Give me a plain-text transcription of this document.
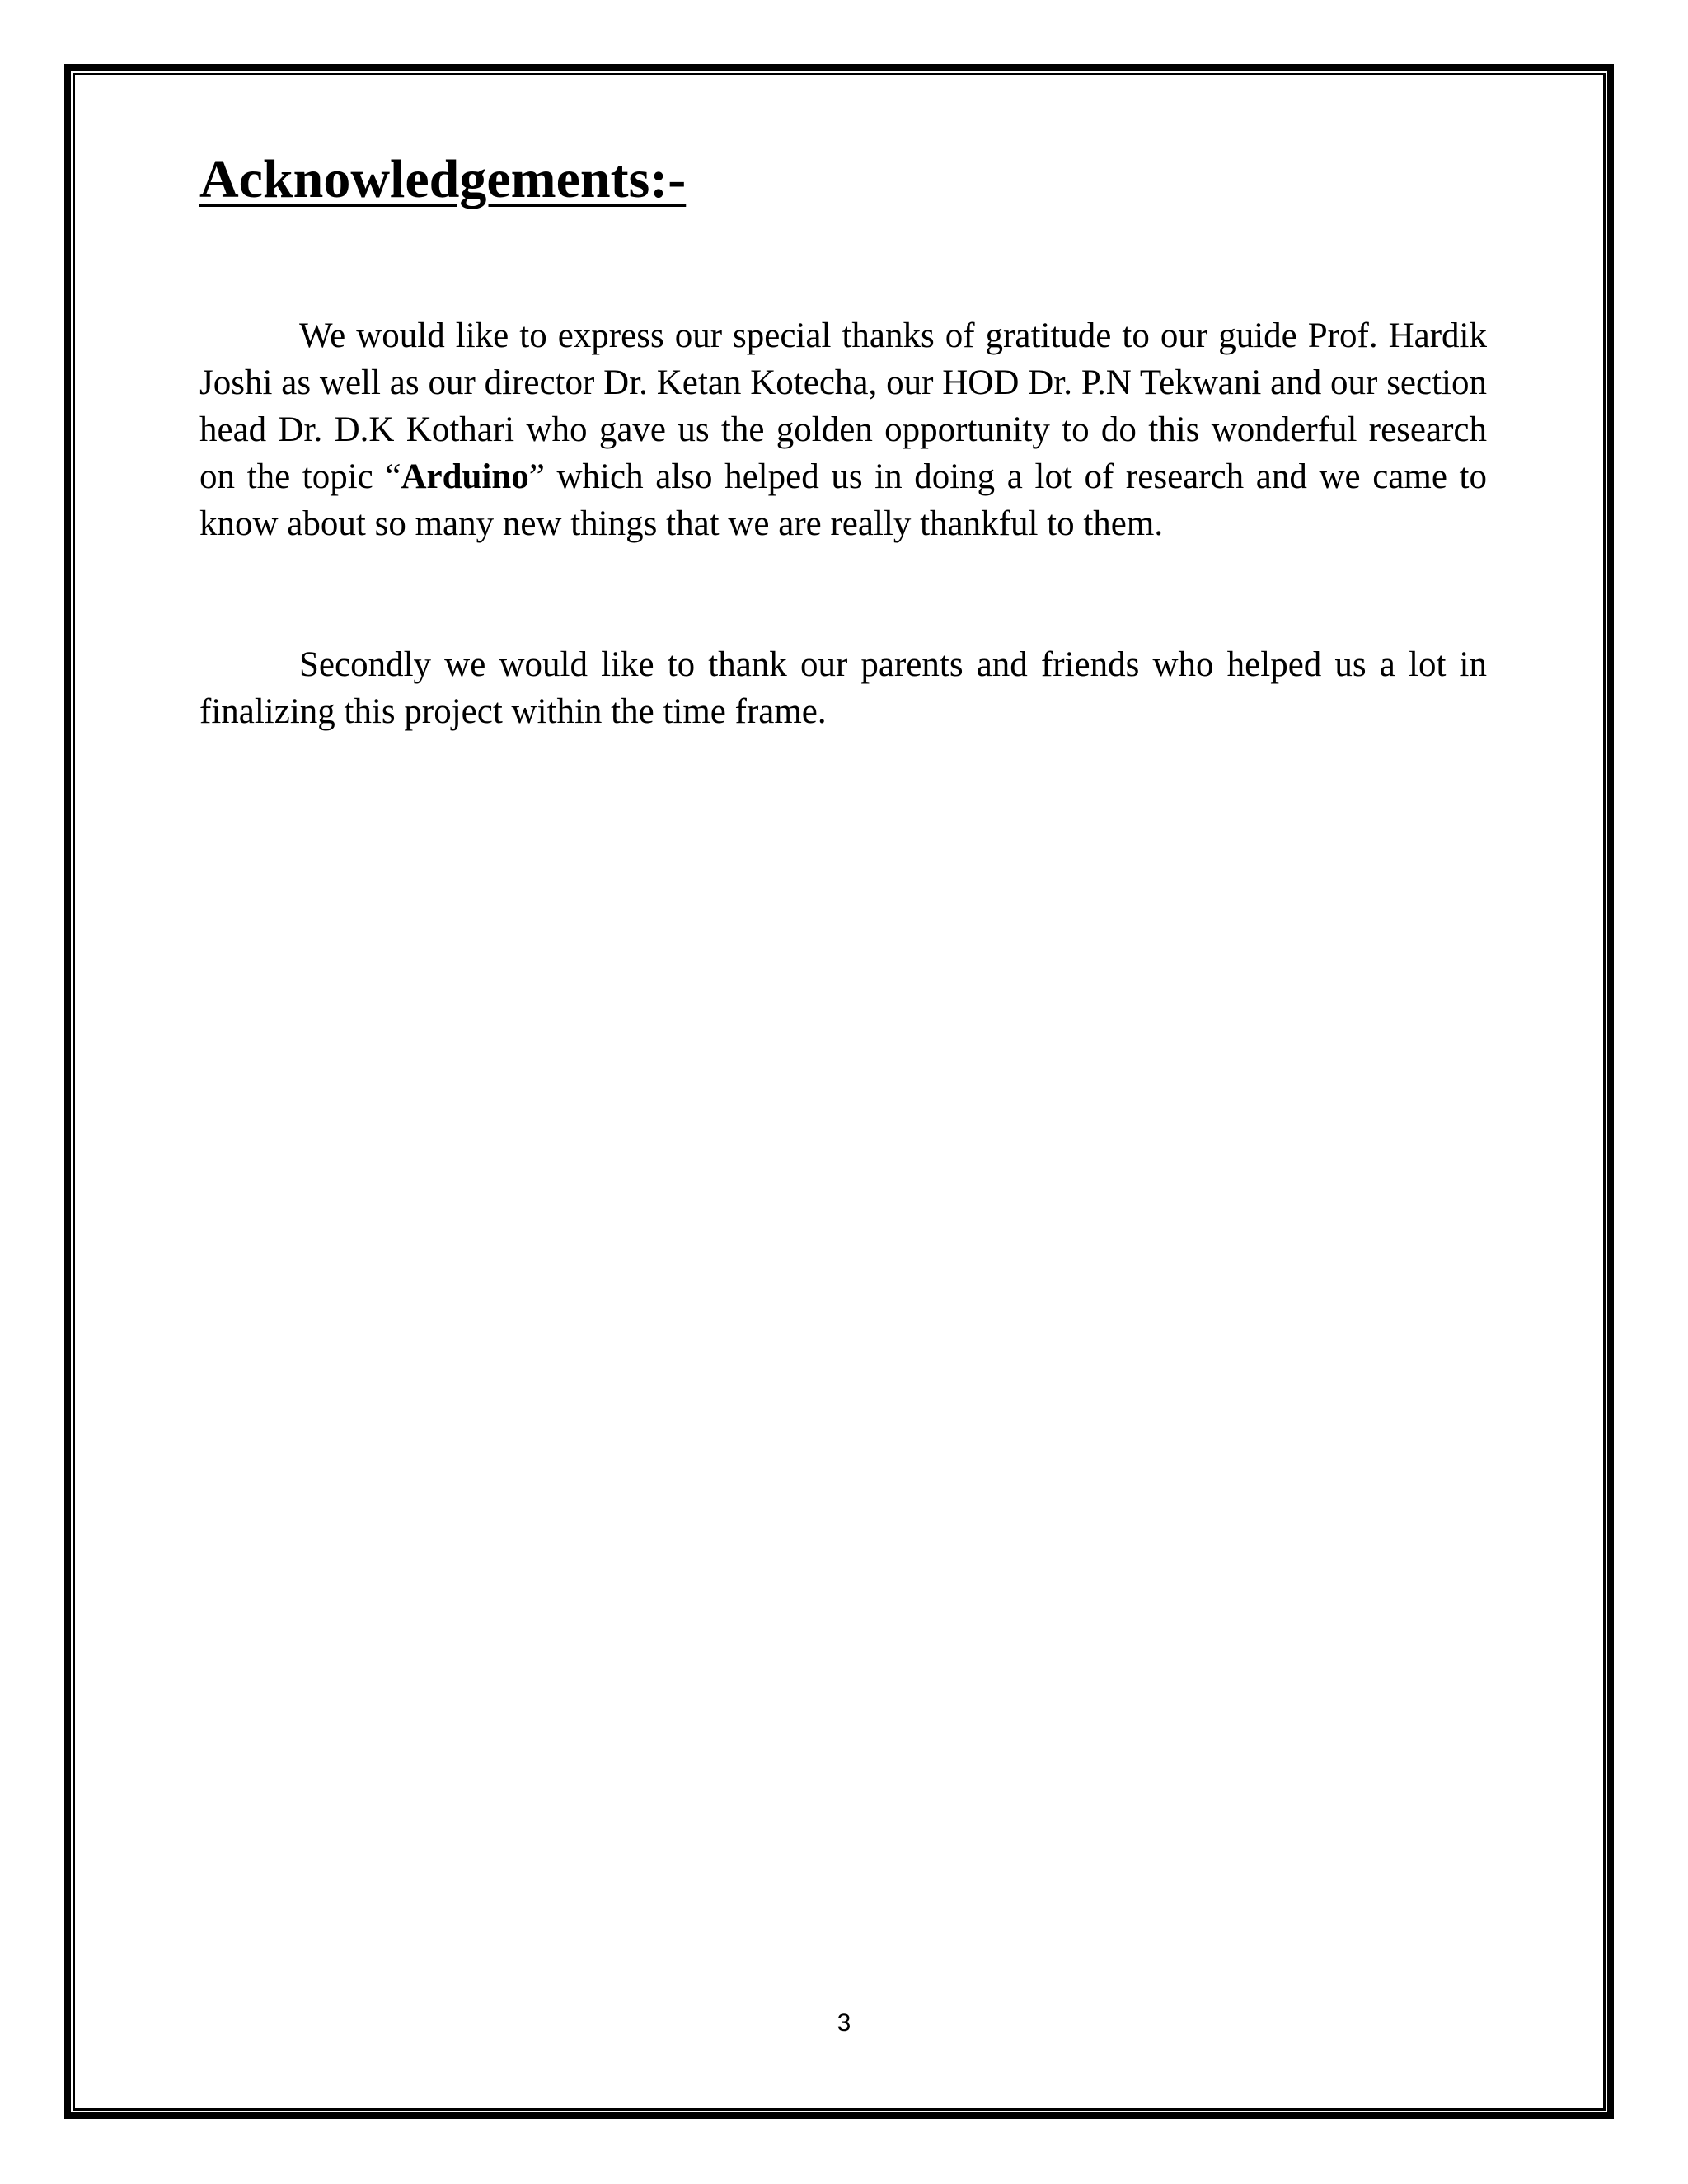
Acknowledgements:-

We would like to express our special thanks of gratitude to our guide Prof. Hardik Joshi as well as our director Dr. Ketan Kotecha, our HOD Dr. P.N Tekwani and our section head Dr. D.K Kothari who gave us the golden opportunity to do this wonderful research on the topic “Arduino” which also helped us in doing a lot of research and we came to know about so many new things that we are really thankful to them.

Secondly we would like to thank our parents and friends who helped us a lot in finalizing this project within the time frame.

3
